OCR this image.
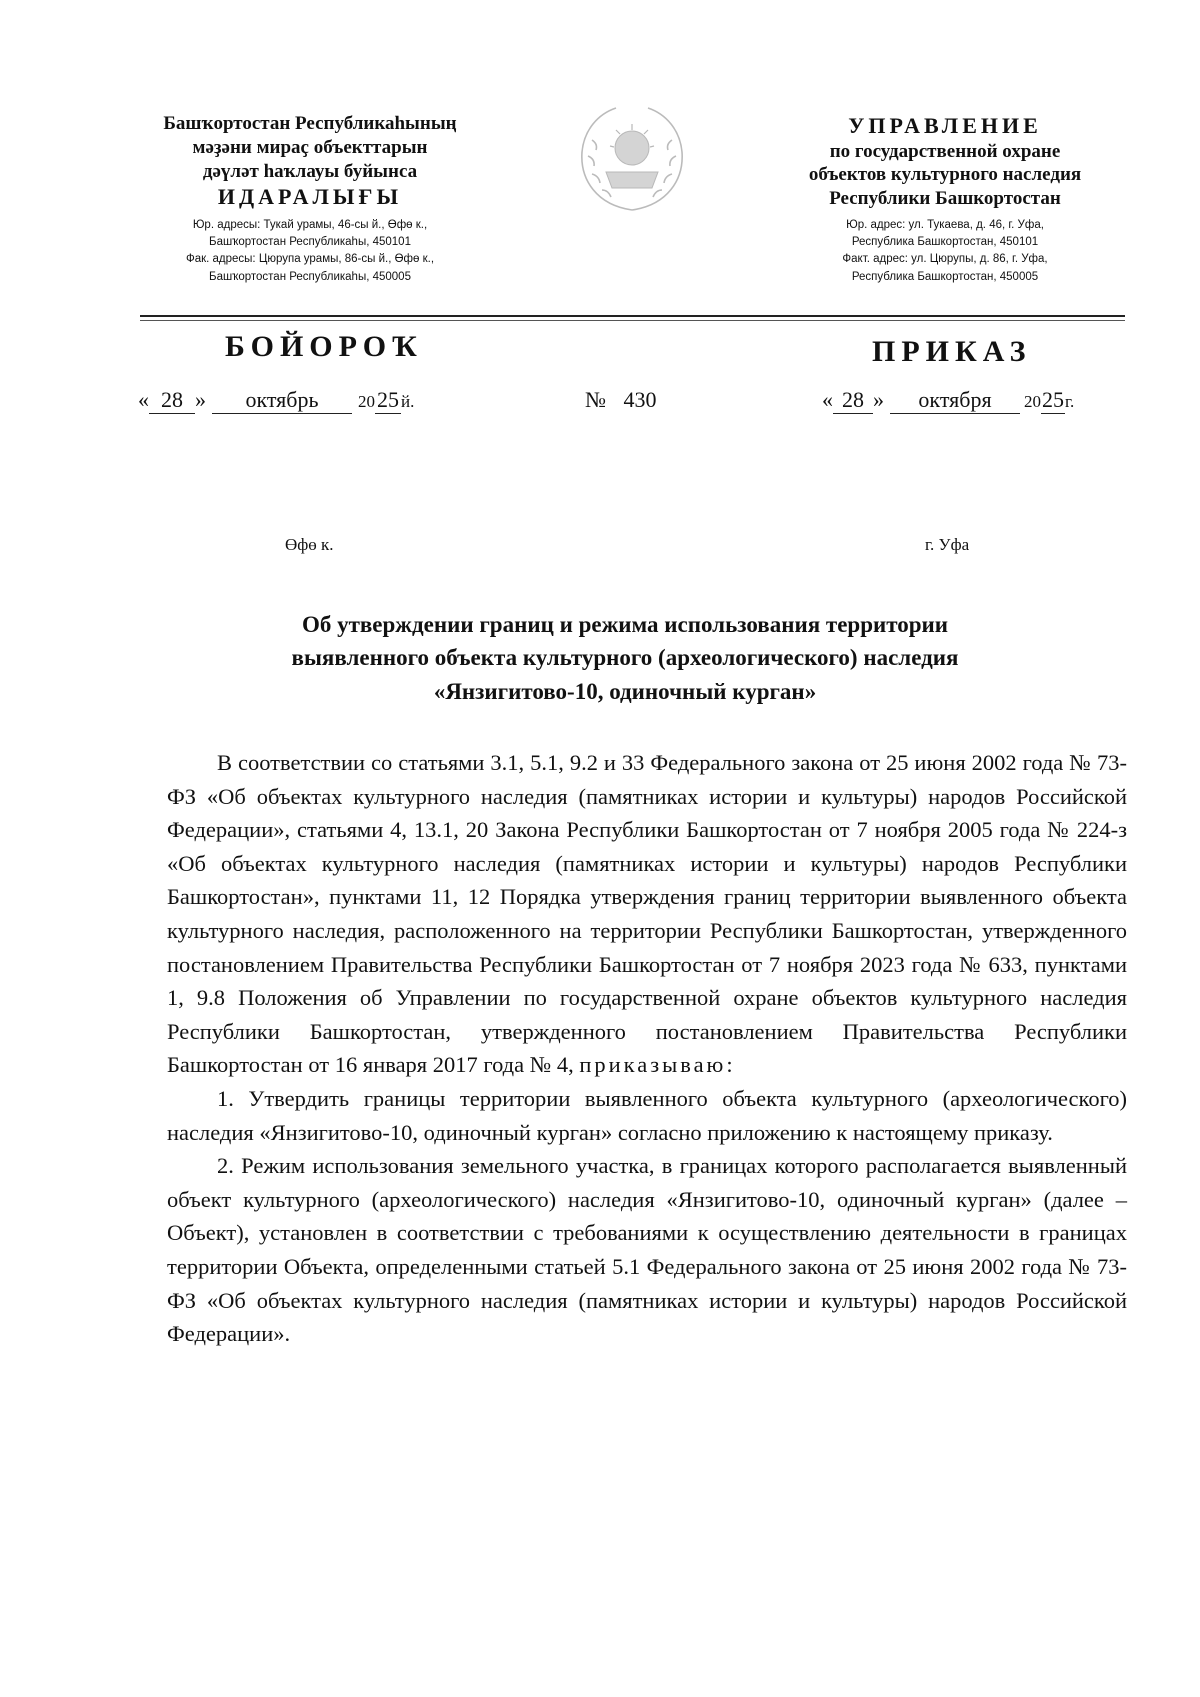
Башҡортостан Республикаһының
мәҙәни мираҫ объекттарын
дәүләт һаҡлауы буйынса
ИДАРАЛЫҒЫ
Юр. адресы: Тукай урамы, 46-сы й., Өфө к.,
Башҡортостан Республикаһы, 450101
Фак. адресы: Цюрупа урамы, 86-сы й., Өфө к.,
Башҡортостан Республикаһы, 450005
УПРАВЛЕНИЕ
по государственной охране
объектов культурного наследия
Республики Башкортостан
Юр. адрес: ул. Тукаева, д. 46, г. Уфа,
Республика Башкортостан, 450101
Факт. адрес: ул. Цюрупы, д. 86, г. Уфа,
Республика Башкортостан, 450005
БОЙОРОҠ	ПРИКАЗ
« 28 » октябрь 2025 й.	№ 430	« 28 » октября 2025г.
Өфө к.	г. Уфа
Об утверждении границ и режима использования территории
выявленного объекта культурного (археологического) наследия
«Янзигитово-10, одиночный курган»

В соответствии со статьями 3.1, 5.1, 9.2 и 33 Федерального закона от 25 июня 2002 года № 73-ФЗ «Об объектах культурного наследия (памятниках истории и культуры) народов Российской Федерации», статьями 4, 13.1, 20 Закона Республики Башкортостан от 7 ноября 2005 года № 224-з «Об объектах культурного наследия (памятниках истории и культуры) народов Республики Башкортостан», пунктами 11, 12 Порядка утверждения границ территории выявленного объекта культурного наследия, расположенного на территории Республики Башкортостан, утвержденного постановлением Правительства Республики Башкортостан от 7 ноября 2023 года № 633, пунктами 1, 9.8 Положения об Управлении по государственной охране объектов культурного наследия Республики Башкортостан, утвержденного постановлением Правительства Республики Башкортостан от 16 января 2017 года № 4, приказываю:

1. Утвердить границы территории выявленного объекта культурного (археологического) наследия «Янзигитово-10, одиночный курган» согласно приложению к настоящему приказу.

2. Режим использования земельного участка, в границах которого располагается выявленный объект культурного (археологического) наследия «Янзигитово-10, одиночный курган» (далее – Объект), установлен в соответствии с требованиями к осуществлению деятельности в границах территории Объекта, определенными статьей 5.1 Федерального закона от 25 июня 2002 года № 73-ФЗ «Об объектах культурного наследия (памятниках истории и культуры) народов Российской Федерации».
